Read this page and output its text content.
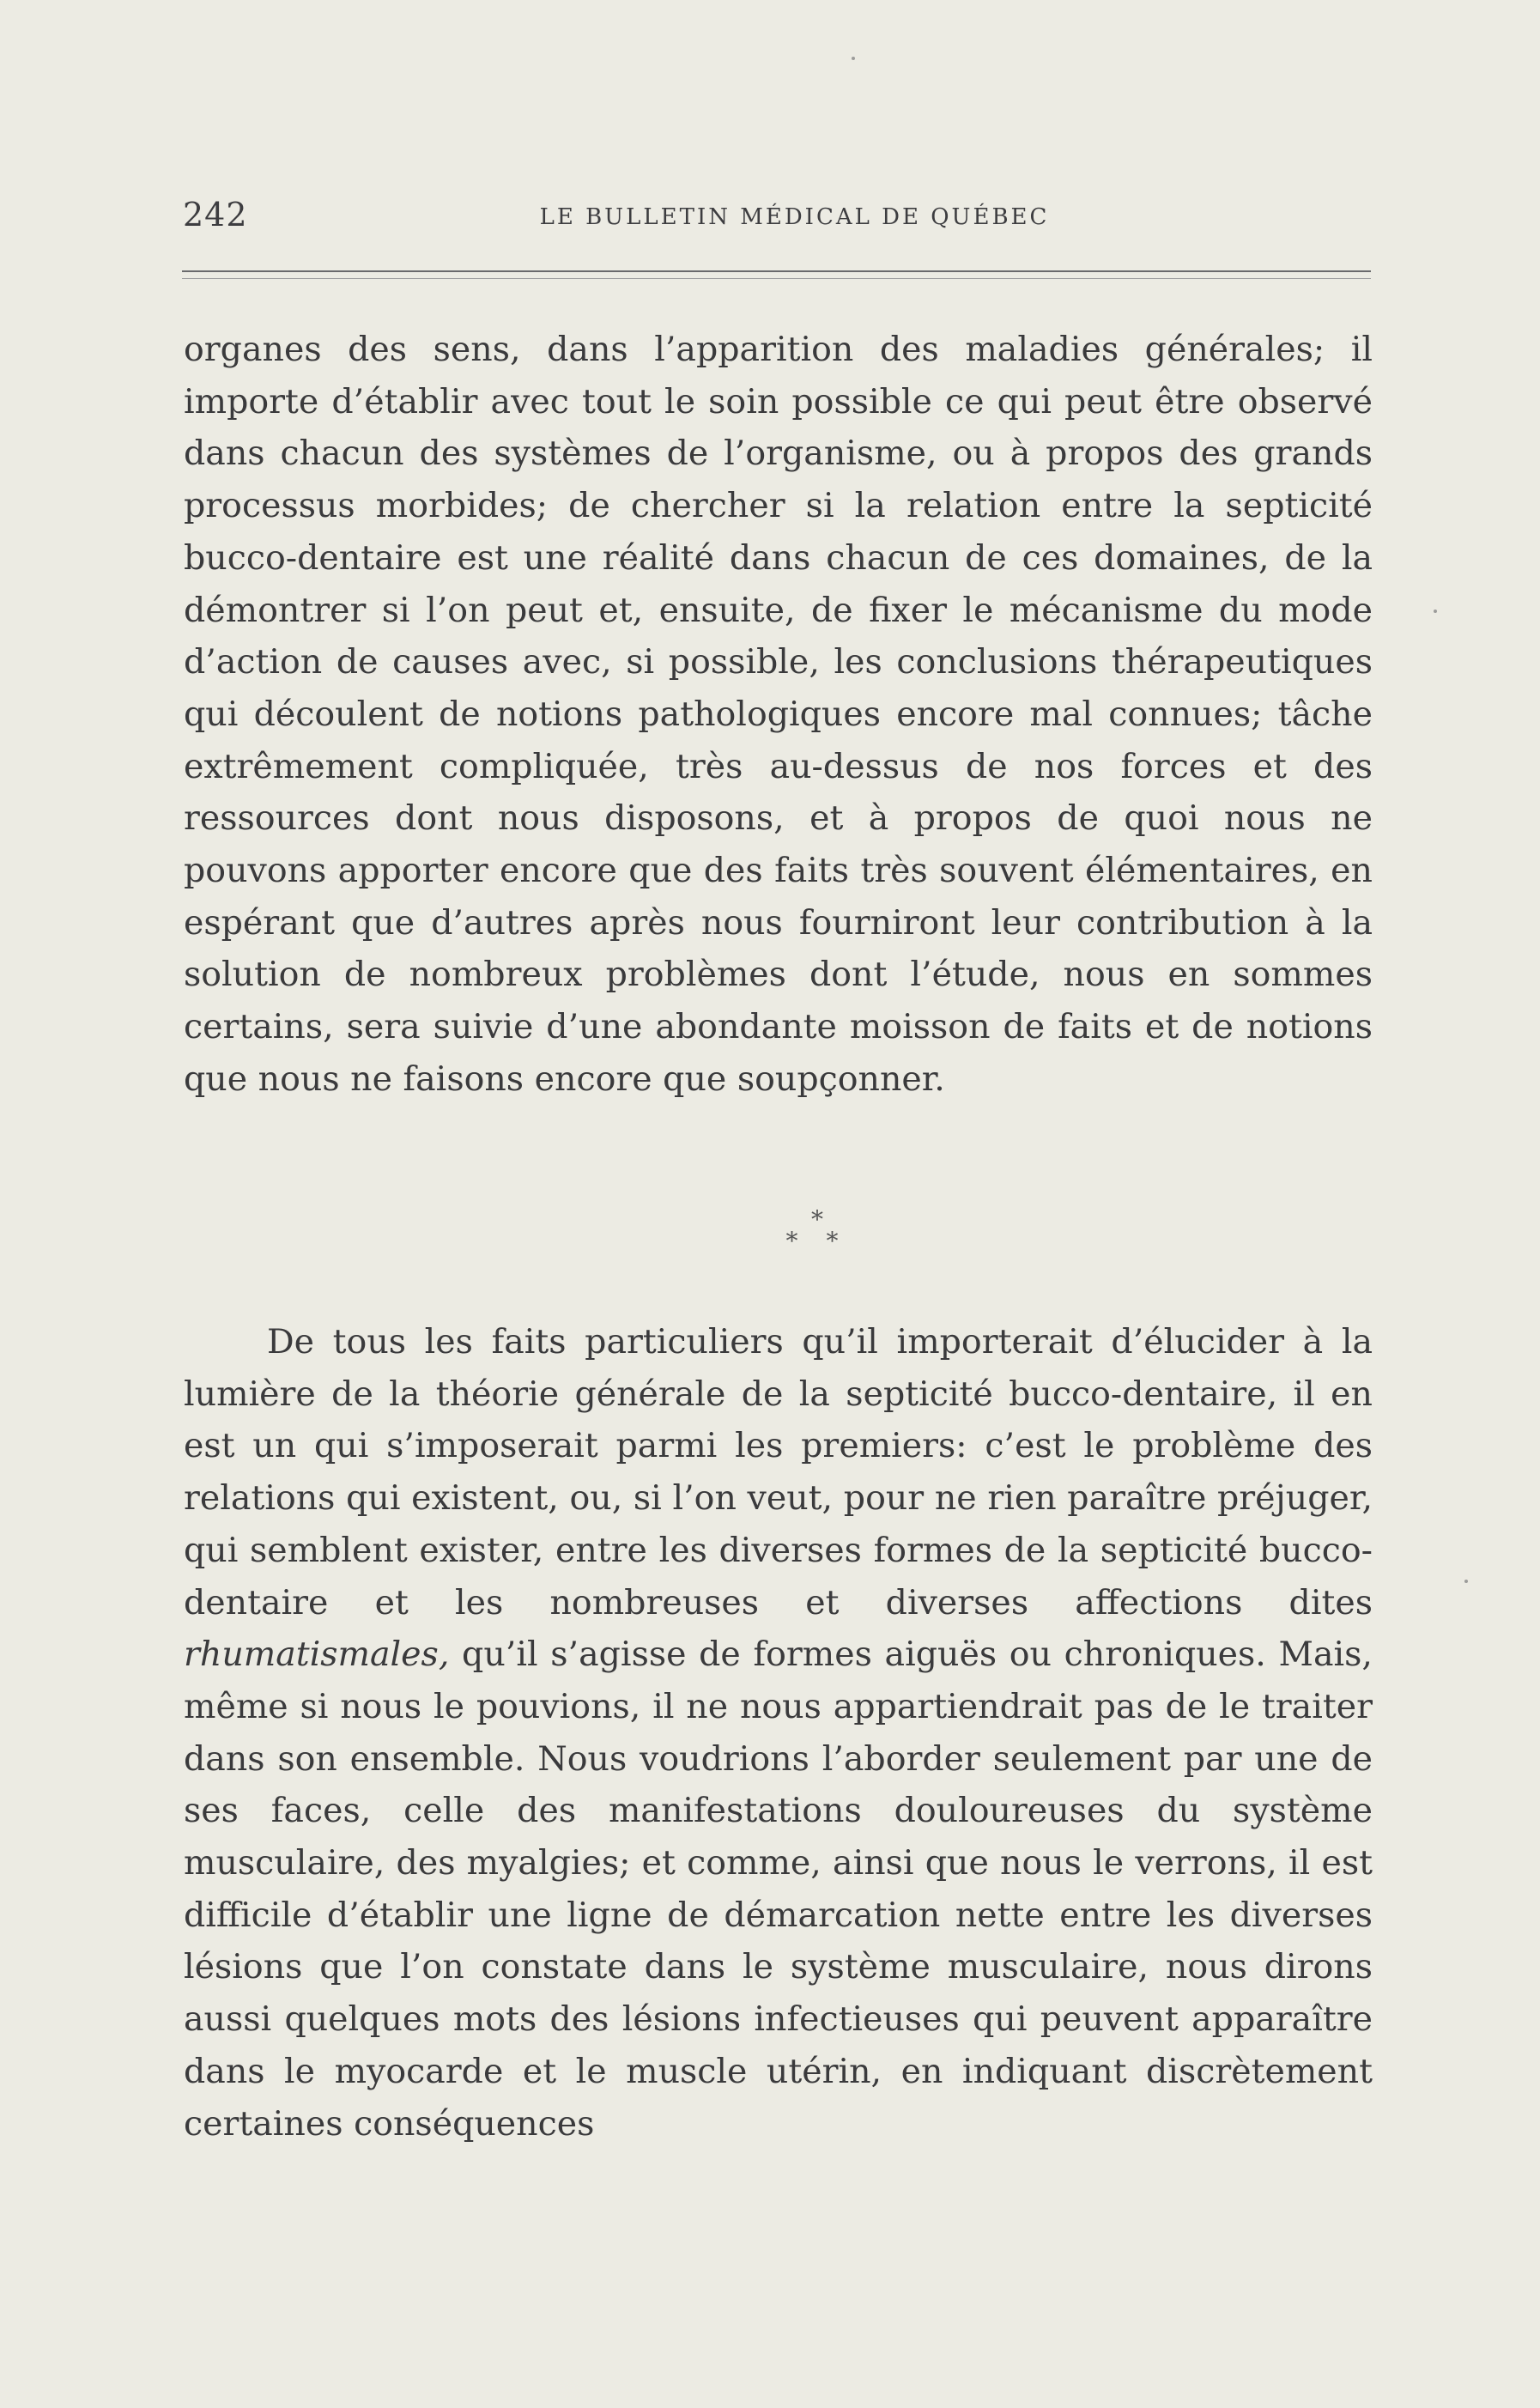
242	LE BULLETIN MÉDICAL DE QUÉBEC

organes des sens, dans l’apparition des maladies générales; il importe d’établir avec tout le soin possible ce qui peut être observé dans chacun des systèmes de l’organisme, ou à propos des grands processus morbides; de chercher si la relation entre la septicité bucco-dentaire est une réalité dans chacun de ces domaines, de la démontrer si l’on peut et, ensuite, de fixer le mécanisme du mode d’action de causes avec, si possible, les conclusions thérapeutiques qui découlent de notions pathologiques encore mal connues; tâche extrêmement compliquée, très au-dessus de nos forces et des ressources dont nous disposons, et à propos de quoi nous ne pouvons apporter encore que des faits très souvent élémentaires, en espérant que d’autres après nous fourniront leur contribution à la solution de nombreux problèmes dont l’étude, nous en sommes certains, sera suivie d’une abondante moisson de faits et de notions que nous ne faisons encore que soupçonner.

*
* *

De tous les faits particuliers qu’il importerait d’élucider à la lumière de la théorie générale de la septicité bucco-dentaire, il en est un qui s’imposerait parmi les premiers: c’est le problème des relations qui existent, ou, si l’on veut, pour ne rien paraître préjuger, qui semblent exister, entre les diverses formes de la septicité bucco-dentaire et les nombreuses et diverses affections dites rhumatismales, qu’il s’agisse de formes aiguës ou chroniques. Mais, même si nous le pouvions, il ne nous appartiendrait pas de le traiter dans son ensemble. Nous voudrions l’aborder seulement par une de ses faces, celle des manifestations douloureuses du système musculaire, des myalgies; et comme, ainsi que nous le verrons, il est difficile d’établir une ligne de démarcation nette entre les diverses lésions que l’on constate dans le système musculaire, nous dirons aussi quelques mots des lésions infectieuses qui peuvent apparaître dans le myocarde et le muscle utérin, en indiquant discrètement certaines conséquences
